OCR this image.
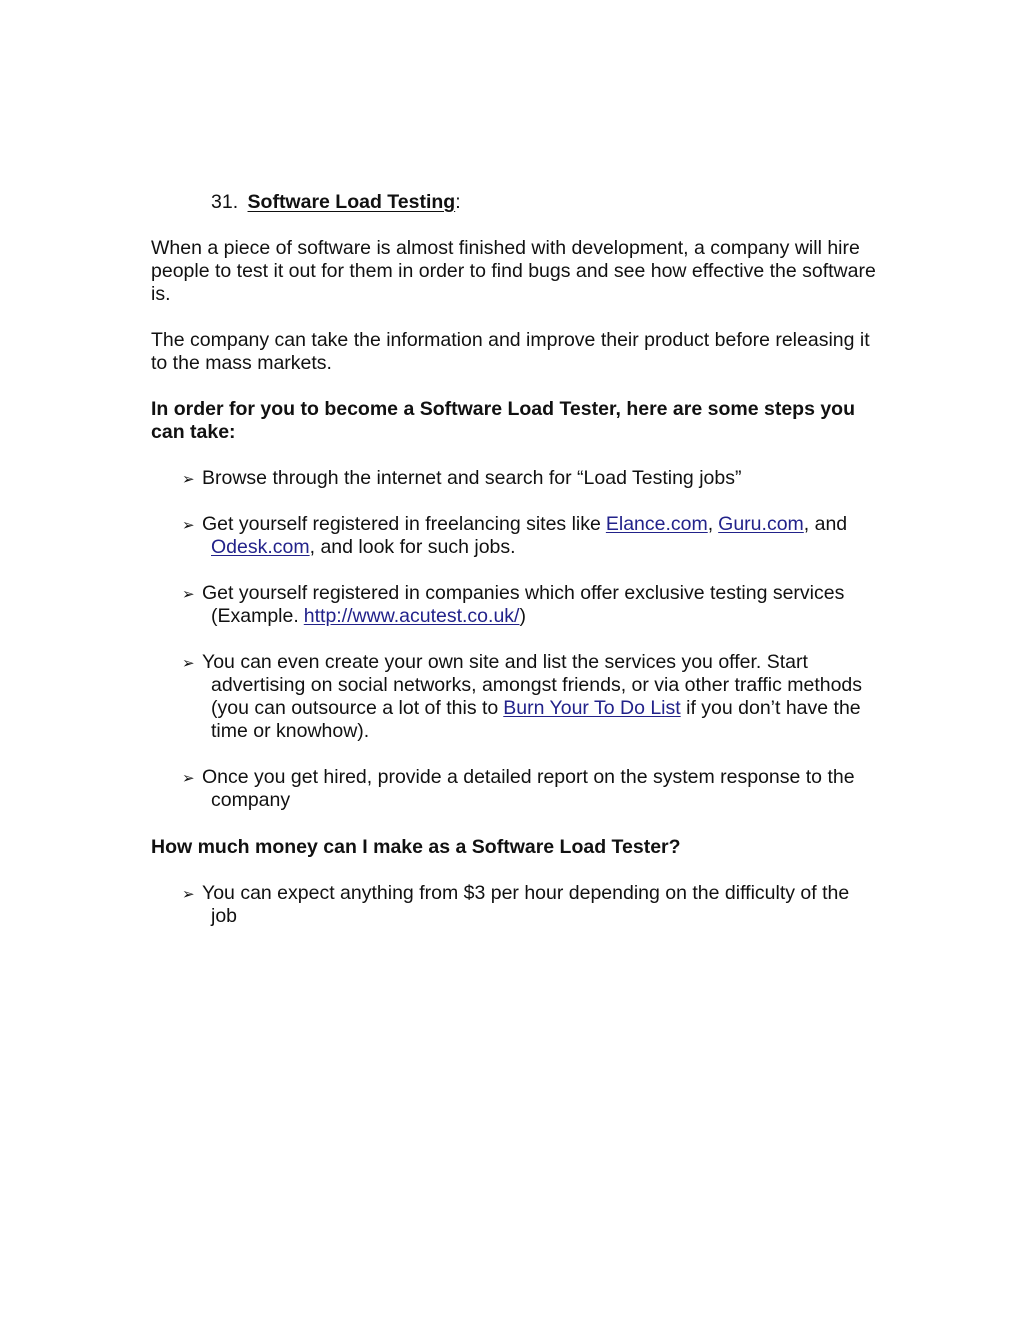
31. Software Load Testing:
When a piece of software is almost finished with development, a company will hire
people to test it out for them in order to find bugs and see how effective the software
is.
The company can take the information and improve their product before releasing it
to the mass markets.
In order for you to become a Software Load Tester, here are some steps you
can take:
➢ Browse through the internet and search for “Load Testing jobs”
➢ Get yourself registered in freelancing sites like Elance.com, Guru.com, and
Odesk.com, and look for such jobs.
➢ Get yourself registered in companies which offer exclusive testing services
(Example. http://www.acutest.co.uk/)
➢ You can even create your own site and list the services you offer. Start
advertising on social networks, amongst friends, or via other traffic methods
(you can outsource a lot of this to Burn Your To Do List if you don’t have the
time or knowhow).
➢ Once you get hired, provide a detailed report on the system response to the
company
How much money can I make as a Software Load Tester?
➢ You can expect anything from $3 per hour depending on the difficulty of the
job
